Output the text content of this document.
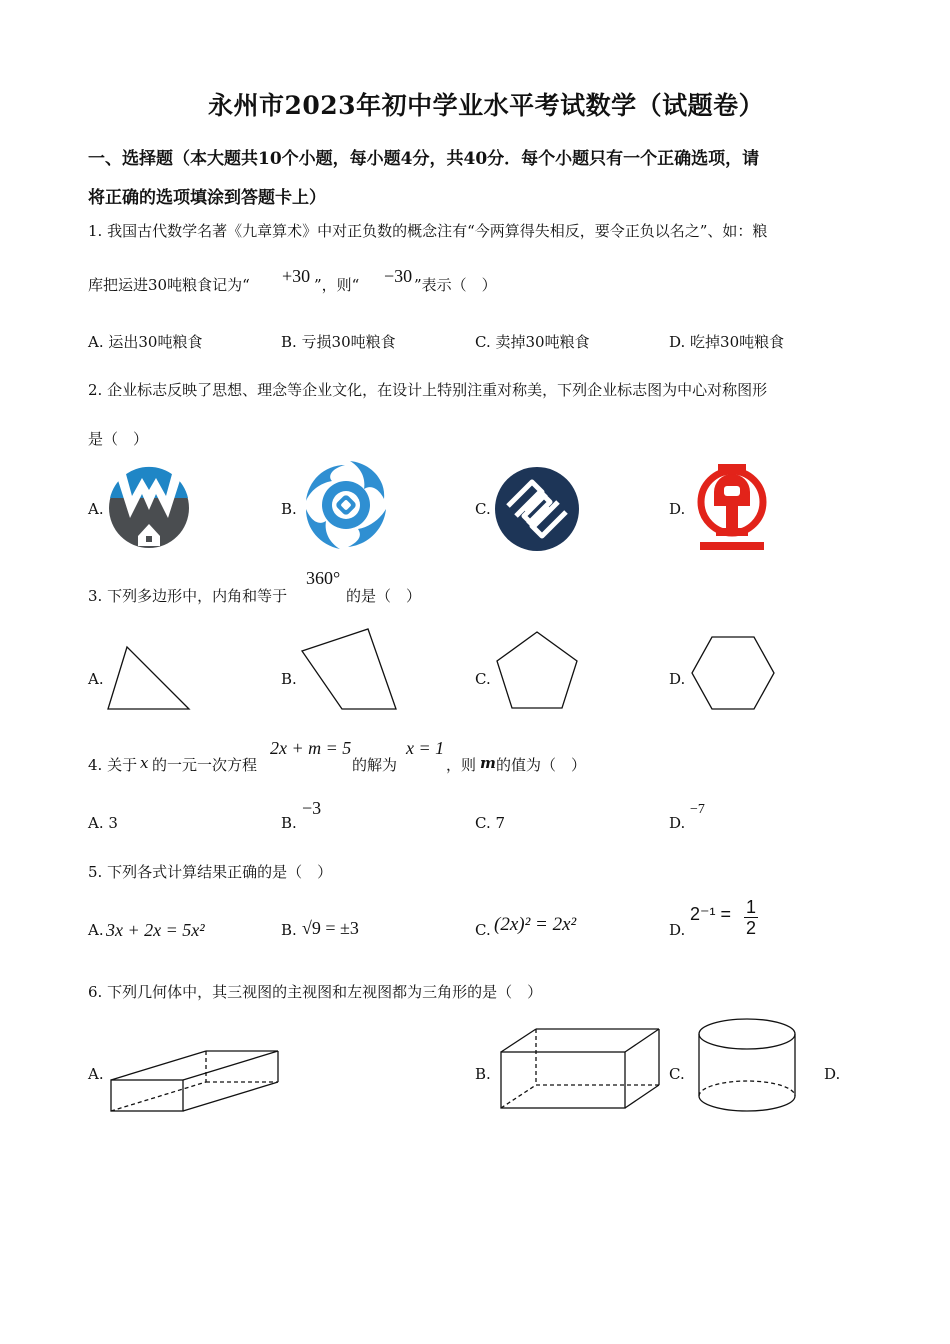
永州市2023年初中学业水平考试数学（试题卷）
一、选择题（本大题共10个小题，每小题4分，共40分．每个小题只有一个正确选项，请
将正确的选项填涂到答题卡上）
1. 我国古代数学名著《九章算术》中对正负数的概念注有“今两算得失相反，要令正负以名之”、如：粮
库把运进30吨粮食记为“ +30 ”，则“ −30 ”表示（　）
A. 运出30吨粮食	B. 亏损30吨粮食	C. 卖掉30吨粮食	D. 吃掉30吨粮食
2. 企业标志反映了思想、理念等企业文化，在设计上特别注重对称美，下列企业标志图为中心对称图形
是（　）
A.	B.	C.	D.
3. 下列多边形中，内角和等于
360°
的是（　）
A.	B.	C.	D.
4. 关于 x 的一元一次方程
2x + m = 5
的解为
x = 1
，则 m 的值为（　）
A. 3	B.
−3
C. 7	D.
−7
5. 下列各式计算结果正确的是（　）
A. 3x + 2x = 5x²	B. √9 = ±3	C. (2x)² = 2x²	D.
2⁻¹ = 1
2
6. 下列几何体中，其三视图的主视图和左视图都为三角形的是（　）
A.	B.	C.	D.
